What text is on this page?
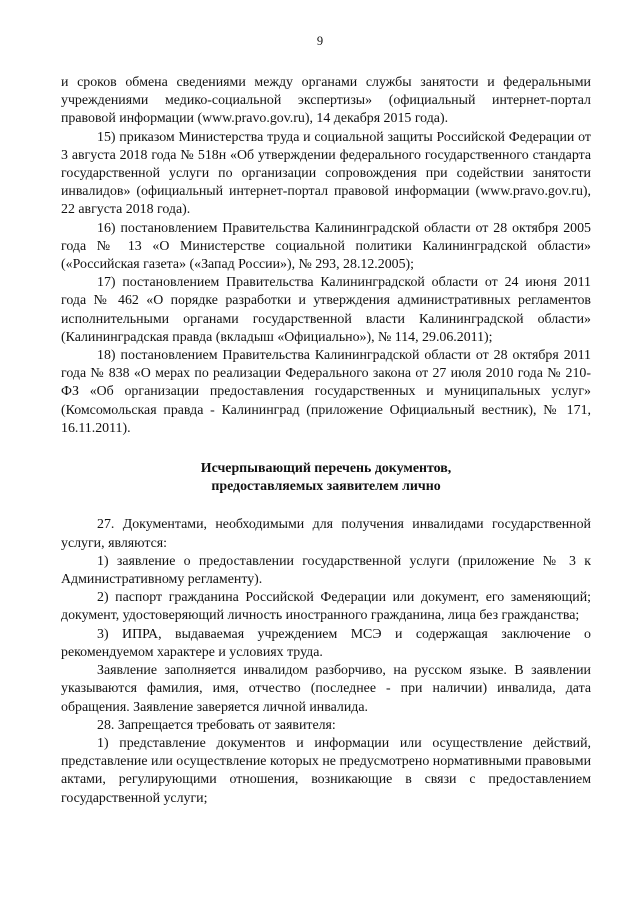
9

и сроков обмена сведениями между органами службы занятости и федеральными учреждениями медико-социальной экспертизы» (официальный интернет-портал правовой информации (www.pravo.gov.ru), 14 декабря 2015 года).

15) приказом Министерства труда и социальной защиты Российской Федерации от 3 августа 2018 года № 518н «Об утверждении федерального государственного стандарта государственной услуги по организации сопровождения при содействии занятости инвалидов» (официальный интернет-портал правовой информации (www.pravo.gov.ru), 22 августа 2018 года).

16) постановлением Правительства Калининградской области от 28 октября 2005 года № 13 «О Министерстве социальной политики Калининградской области» («Российская газета» («Запад России»), № 293, 28.12.2005);

17) постановлением Правительства Калининградской области от 24 июня 2011 года № 462 «О порядке разработки и утверждения административных регламентов исполнительными органами государственной власти Калининградской области» (Калининградская правда (вкладыш «Официально»), № 114, 29.06.2011);

18) постановлением Правительства Калининградской области от 28 октября 2011 года № 838 «О мерах по реализации Федерального закона от 27 июля 2010 года № 210-ФЗ «Об организации предоставления государственных и муниципальных услуг» (Комсомольская правда - Калининград (приложение Официальный вестник), № 171, 16.11.2011).

Исчерпывающий перечень документов,
предоставляемых заявителем лично

27. Документами, необходимыми для получения инвалидами государственной услуги, являются:

1) заявление о предоставлении государственной услуги (приложение № 3 к Административному регламенту).

2) паспорт гражданина Российской Федерации или документ, его заменяющий; документ, удостоверяющий личность иностранного гражданина, лица без гражданства;

3) ИПРА, выдаваемая учреждением МСЭ и содержащая заключение о рекомендуемом характере и условиях труда.

Заявление заполняется инвалидом разборчиво, на русском языке. В заявлении указываются фамилия, имя, отчество (последнее - при наличии) инвалида, дата обращения. Заявление заверяется личной инвалида.

28. Запрещается требовать от заявителя:

1) представление документов и информации или осуществление действий, представление или осуществление которых не предусмотрено нормативными правовыми актами, регулирующими отношения, возникающие в связи с предоставлением государственной услуги;
